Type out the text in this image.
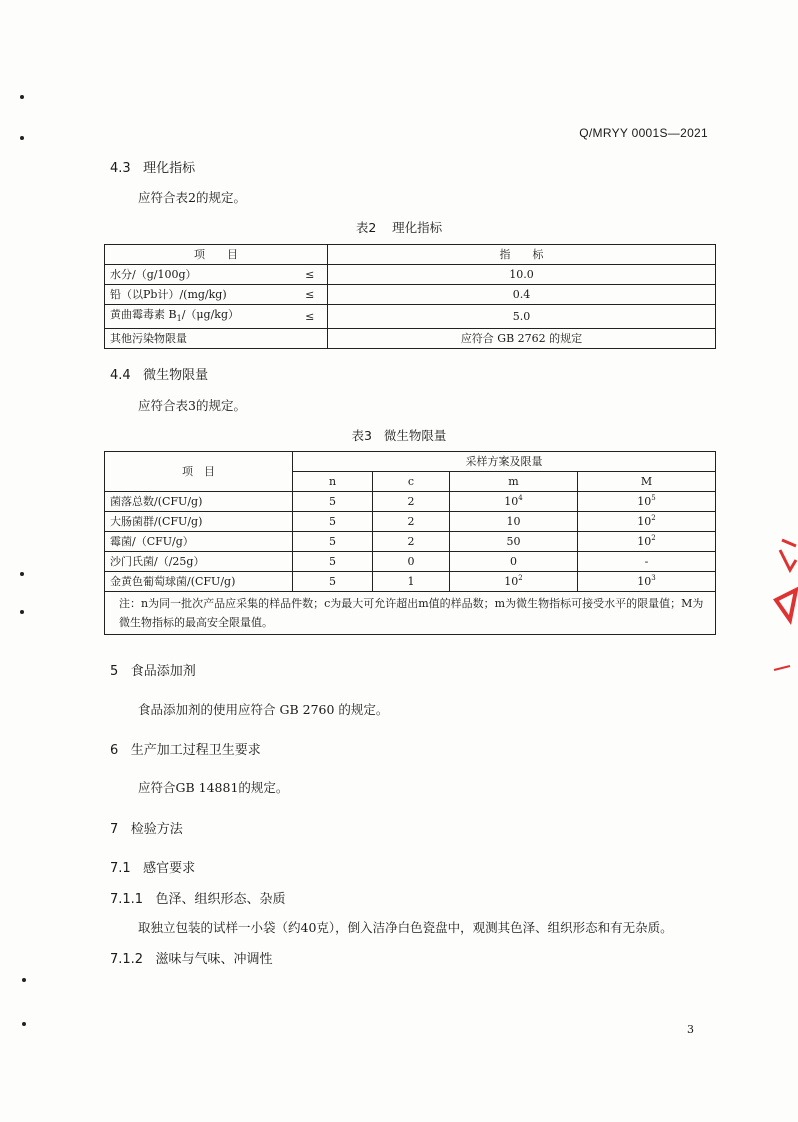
Q/MRYY 0001S—2021
4.3 理化指标
应符合表2的规定。
表2 理化指标
项　　目		指　　标
水分/（g/100g）	≤	10.0
铅（以Pb计）/(mg/kg)	≤	0.4
黄曲霉毒素 $B_1/(\mu g/kg)$	≤	5.0
其他污染物限量		应符合 GB 2762 的规定
4.4 微生物限量
应符合表3的规定。
表3 微生物限量
项　目	采样方案及限量			
	n	c	m	M
菌落总数/(CFU/g)	5	2	$10^4$	$10^5$
大肠菌群/(CFU/g)	5	2	10	$10^2$
霉菌/（CFU/g）	5	2	50	$10^2$
沙门氏菌/（/25g）	5	0	0	-
金黄色葡萄球菌/(CFU/g)	5	1	$10^2$	$10^3$
注：n为同一批次产品应采集的样品件数；c为最大可允许超出m值的样品数；m为微生物指标可接受水平的限量值；M为微生物指标的最高安全限量值。				
5 食品添加剂
食品添加剂的使用应符合 GB 2760 的规定。
6 生产加工过程卫生要求
应符合GB 14881的规定。
7 检验方法
7.1 感官要求
7.1.1 色泽、组织形态、杂质
取独立包装的试样一小袋（约40克），倒入洁净白色瓷盘中，观测其色泽、组织形态和有无杂质。
7.1.2 滋味与气味、冲调性
3
